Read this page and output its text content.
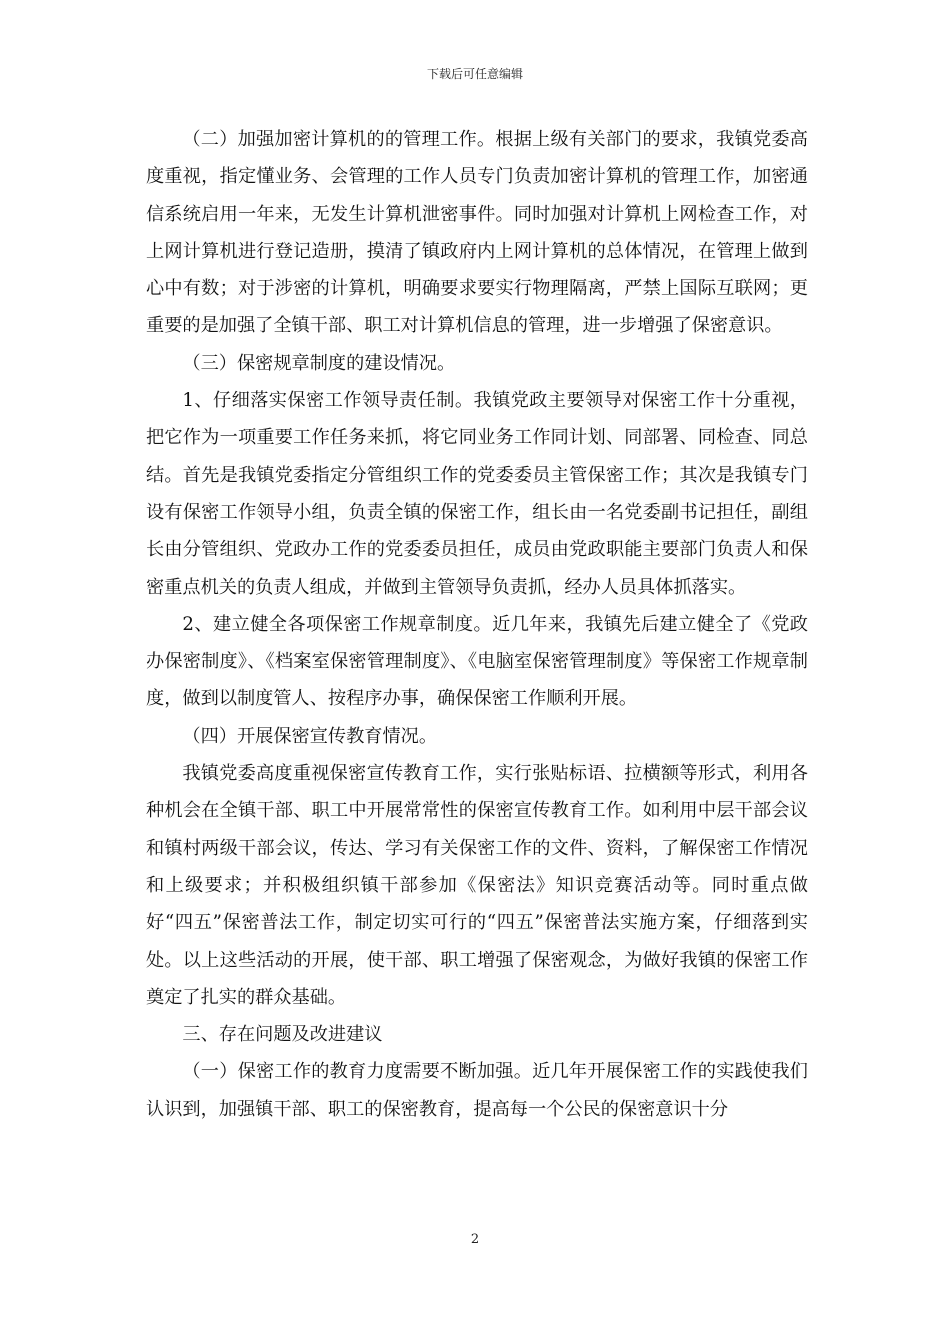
下载后可任意编辑

（二）加强加密计算机的的管理工作。根据上级有关部门的要求，我镇党委高度重视，指定懂业务、会管理的工作人员专门负责加密计算机的管理工作，加密通信系统启用一年来，无发生计算机泄密事件。同时加强对计算机上网检查工作，对上网计算机进行登记造册，摸清了镇政府内上网计算机的总体情况，在管理上做到心中有数；对于涉密的计算机，明确要求要实行物理隔离，严禁上国际互联网；更重要的是加强了全镇干部、职工对计算机信息的管理，进一步增强了保密意识。

（三）保密规章制度的建设情况。

1、仔细落实保密工作领导责任制。我镇党政主要领导对保密工作十分重视，把它作为一项重要工作任务来抓，将它同业务工作同计划、同部署、同检查、同总结。首先是我镇党委指定分管组织工作的党委委员主管保密工作；其次是我镇专门设有保密工作领导小组，负责全镇的保密工作，组长由一名党委副书记担任，副组长由分管组织、党政办工作的党委委员担任，成员由党政职能主要部门负责人和保密重点机关的负责人组成，并做到主管领导负责抓，经办人员具体抓落实。

2、建立健全各项保密工作规章制度。近几年来，我镇先后建立健全了《党政办保密制度》、《档案室保密管理制度》、《电脑室保密管理制度》等保密工作规章制度，做到以制度管人、按程序办事，确保保密工作顺利开展。

（四）开展保密宣传教育情况。

我镇党委高度重视保密宣传教育工作，实行张贴标语、拉横额等形式，利用各种机会在全镇干部、职工中开展常常性的保密宣传教育工作。如利用中层干部会议和镇村两级干部会议，传达、学习有关保密工作的文件、资料，了解保密工作情况和上级要求；并积极组织镇干部参加《保密法》知识竞赛活动等。同时重点做好“四五”保密普法工作，制定切实可行的“四五”保密普法实施方案，仔细落到实处。以上这些活动的开展，使干部、职工增强了保密观念，为做好我镇的保密工作奠定了扎实的群众基础。

三、存在问题及改进建议

（一）保密工作的教育力度需要不断加强。近几年开展保密工作的实践使我们认识到，加强镇干部、职工的保密教育，提高每一个公民的保密意识十分

2
